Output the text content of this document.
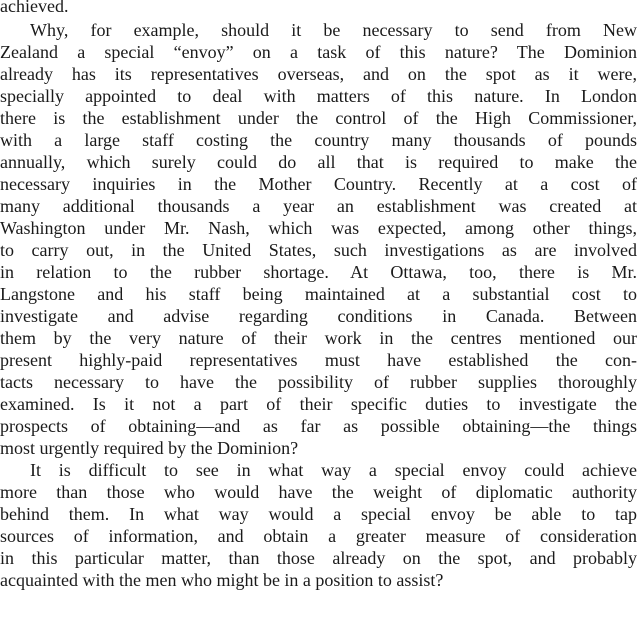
achieved.
Why, for example, should it be necessary to send from New
Zealand a special “envoy” on a task of this nature? The Dominion
already has its representatives overseas, and on the spot as it were,
specially appointed to deal with matters of this nature. In London
there is the establishment under the control of the High Commissioner,
with a large staff costing the country many thousands of pounds
annually, which surely could do all that is required to make the
necessary inquiries in the Mother Country. Recently at a cost of
many additional thousands a year an establishment was created at
Washington under Mr. Nash, which was expected, among other things,
to carry out, in the United States, such investigations as are involved
in relation to the rubber shortage. At Ottawa, too, there is Mr.
Langstone and his staff being maintained at a substantial cost to
investigate and advise regarding conditions in Canada. Between
them by the very nature of their work in the centres mentioned our
present highly-paid representatives must have established the con-
tacts necessary to have the possibility of rubber supplies thoroughly
examined. Is it not a part of their specific duties to investigate the
prospects of obtaining—and as far as possible obtaining—the things
most urgently required by the Dominion?
It is difficult to see in what way a special envoy could achieve
more than those who would have the weight of diplomatic authority
behind them. In what way would a special envoy be able to tap
sources of information, and obtain a greater measure of consideration
in this particular matter, than those already on the spot, and probably
acquainted with the men who might be in a position to assist?
